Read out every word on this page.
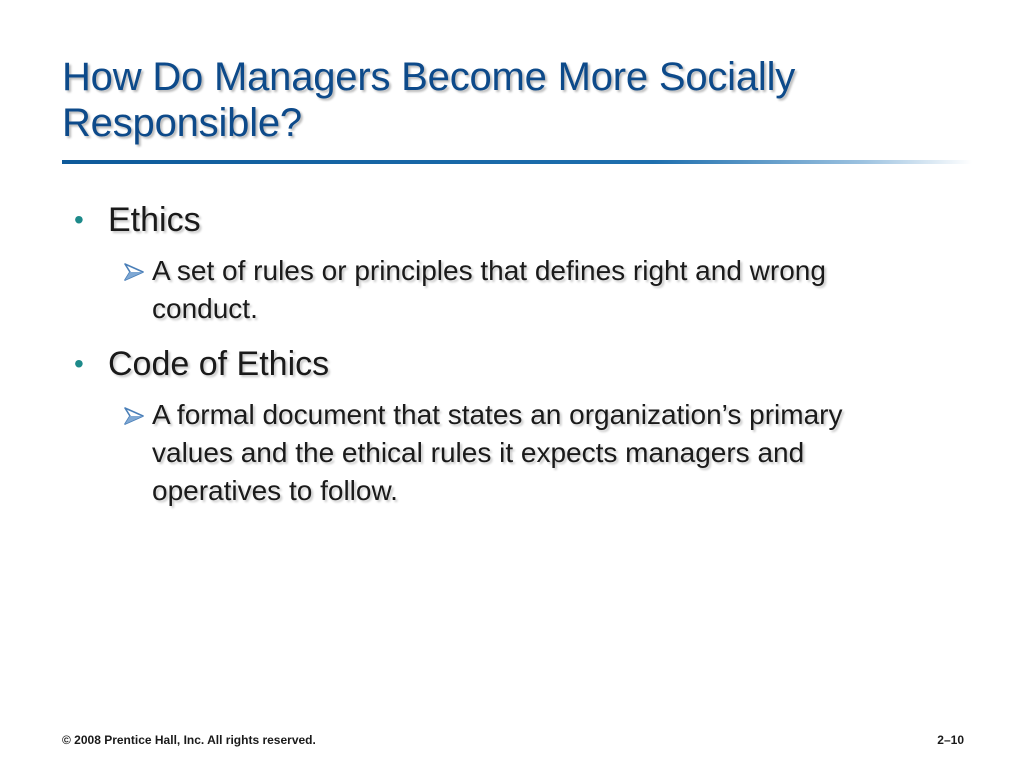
How Do Managers Become More Socially Responsible?
• Ethics
A set of rules or principles that defines right and wrong conduct.
• Code of Ethics
A formal document that states an organization’s primary values and the ethical rules it expects managers and operatives to follow.
© 2008 Prentice Hall, Inc. All rights reserved.	2–10
